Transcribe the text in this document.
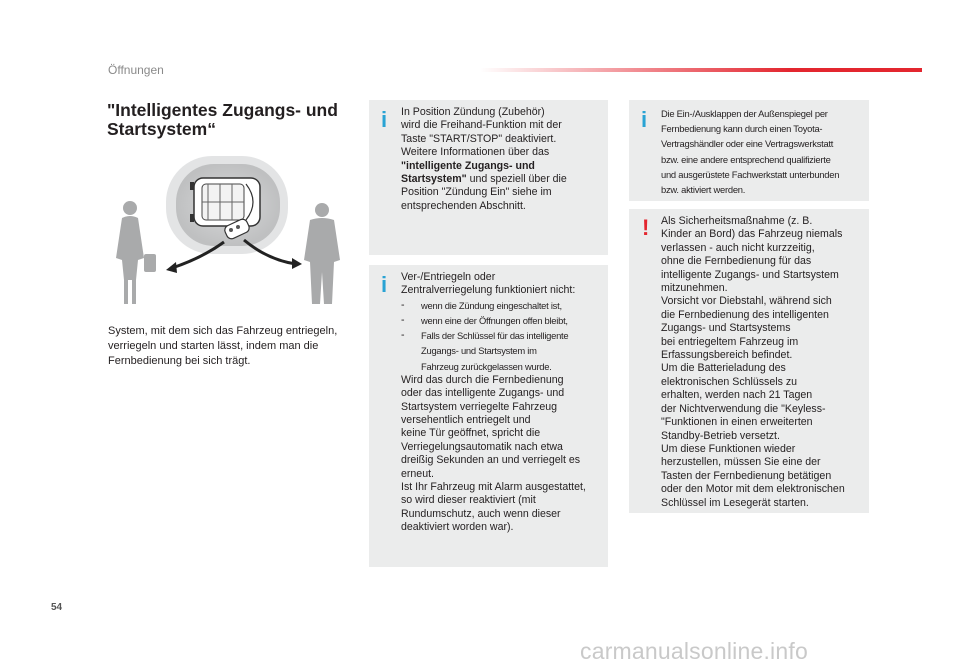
Öffnungen
"Intelligentes Zugangs- und
Startsystem“
System, mit dem sich das Fahrzeug entriegeln,
verriegeln und starten lässt, indem man die
Fernbedienung bei sich trägt.
i In Position Zündung (Zubehör)
wird die Freihand-Funktion mit der
Taste "START/STOP" deaktiviert.
Weitere Informationen über das
"intelligente Zugangs- und
Startsystem" und speziell über die
Position "Zündung Ein" siehe im
entsprechenden Abschnitt.
i Ver-/Entriegeln oder
Zentralverriegelung funktioniert nicht:
-	wenn die Zündung eingeschaltet ist,
-	wenn eine der Öffnungen offen bleibt,
-	Falls der Schlüssel für das intelligente
Zugangs- und Startsystem im
Fahrzeug zurückgelassen wurde.
Wird das durch die Fernbedienung
oder das intelligente Zugangs- und
Startsystem verriegelte Fahrzeug
versehentlich entriegelt und
keine Tür geöffnet, spricht die
Verriegelungsautomatik nach etwa
dreißig Sekunden an und verriegelt es
erneut.
Ist Ihr Fahrzeug mit Alarm ausgestattet,
so wird dieser reaktiviert (mit
Rundumschutz, auch wenn dieser
deaktiviert worden war).
i Die Ein-/Ausklappen der Außenspiegel per
Fernbedienung kann durch einen Toyota-
Vertragshändler oder eine Vertragswerkstatt
bzw. eine andere entsprechend qualifizierte
und ausgerüstete Fachwerkstatt unterbunden
bzw. aktiviert werden.
! Als Sicherheitsmaßnahme (z. B.
Kinder an Bord) das Fahrzeug niemals
verlassen - auch nicht kurzzeitig,
ohne die Fernbedienung für das
intelligente Zugangs- und Startsystem
mitzunehmen.
Vorsicht vor Diebstahl, während sich
die Fernbedienung des intelligenten
Zugangs- und Startsystems
bei entriegeltem Fahrzeug im
Erfassungsbereich befindet.
Um die Batterieladung des
elektronischen Schlüssels zu
erhalten, werden nach 21 Tagen
der Nichtverwendung die "Keyless-
"Funktionen in einen erweiterten
Standby-Betrieb versetzt.
Um diese Funktionen wieder
herzustellen, müssen Sie eine der
Tasten der Fernbedienung betätigen
oder den Motor mit dem elektronischen
Schlüssel im Lesegerät starten.
54
carmanualsonline.info
